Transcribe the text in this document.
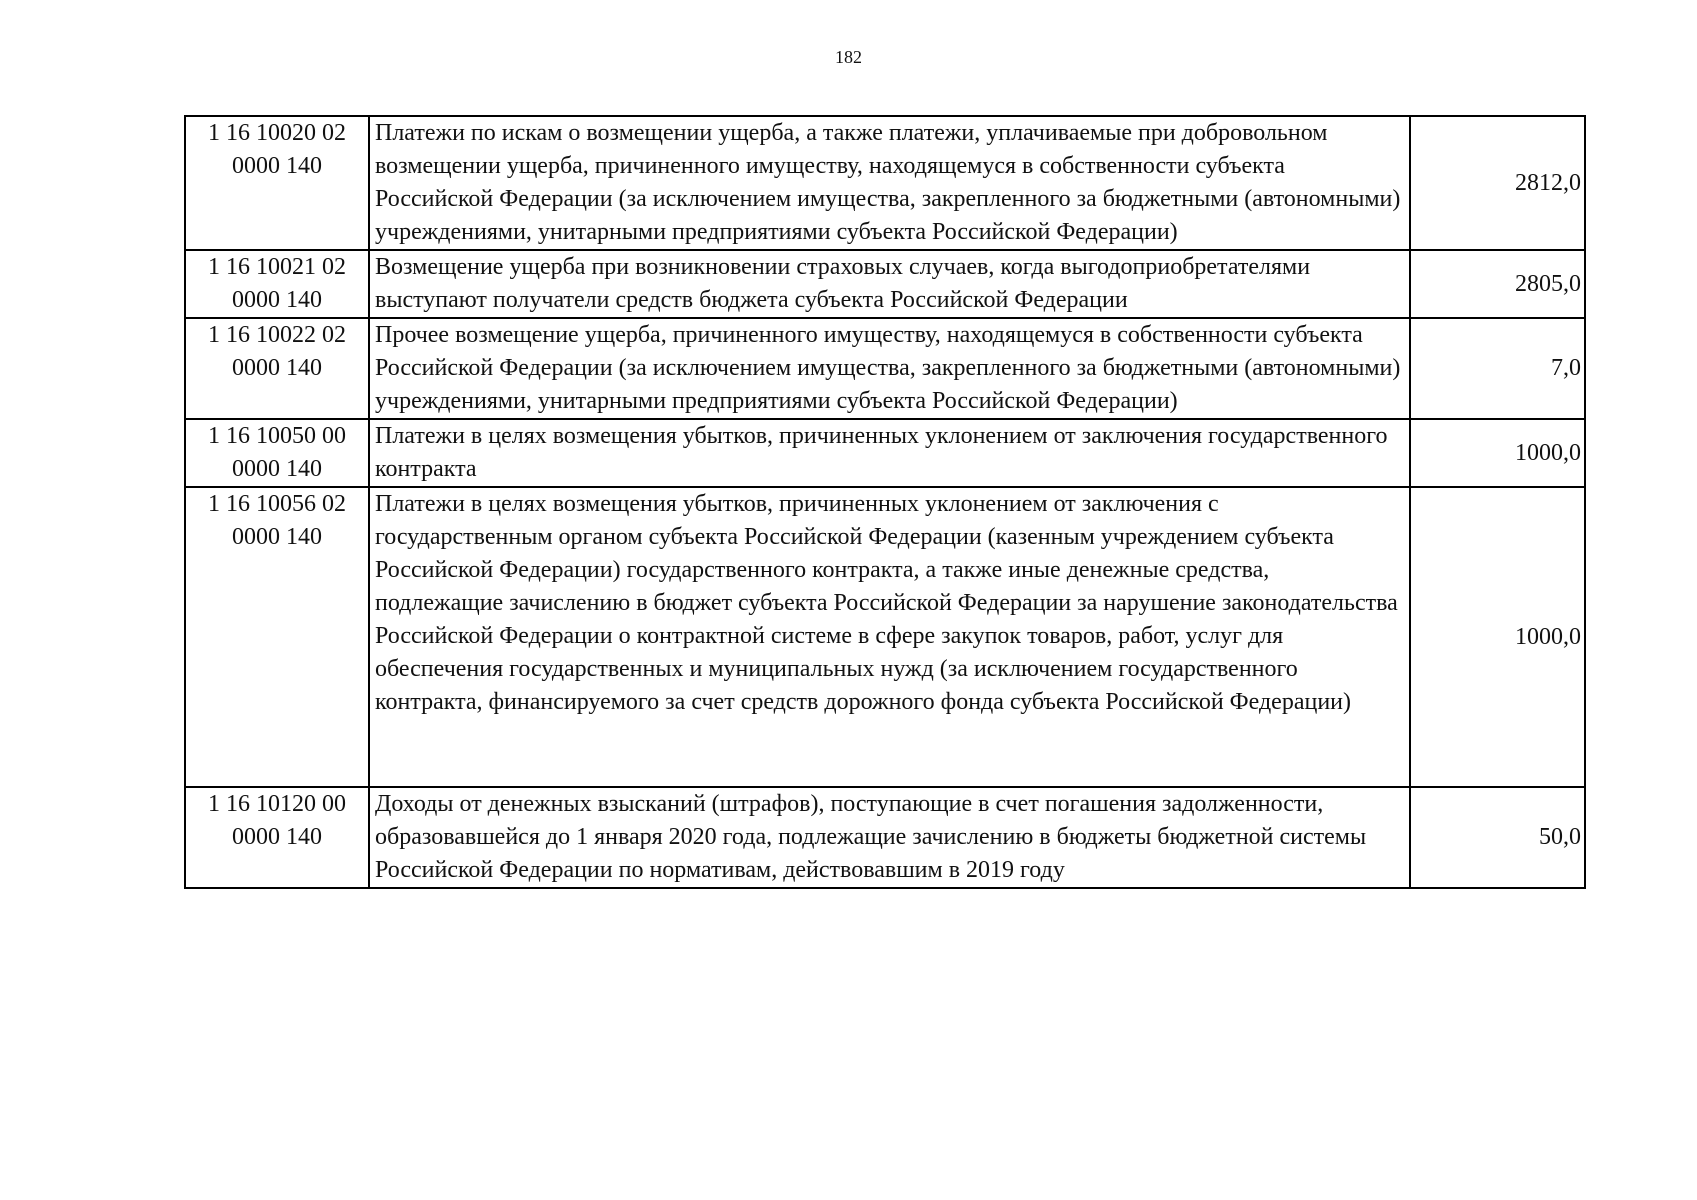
182
1 16 10020 02
0000 140	Платежи по искам о возмещении ущерба, а также платежи, уплачиваемые при добровольном возмещении ущерба, причиненного имуществу, находящемуся в собственности субъекта Российской Федерации (за исключением имущества, закрепленного за бюджетными (автономными) учреждениями, унитарными предприятиями субъекта Российской Федерации)	2812,0

1 16 10021 02
0000 140	Возмещение ущерба при возникновении страховых случаев, когда выгодоприобретателями выступают получатели средств бюджета субъекта Российской Федерации	2805,0

1 16 10022 02
0000 140	Прочее возмещение ущерба, причиненного имуществу, находящемуся в собственности субъекта Российской Федерации (за исключением имущества, закрепленного за бюджетными (автономными) учреждениями, унитарными предприятиями субъекта Российской Федерации)	7,0

1 16 10050 00
0000 140	Платежи в целях возмещения убытков, причиненных уклонением от заключения государственного контракта	1000,0

1 16 10056 02
0000 140	Платежи в целях возмещения убытков, причиненных уклонением от заключения с государственным органом субъекта Российской Федерации (казенным учреждением субъекта Российской Федерации) государственного контракта, а также иные денежные средства, подлежащие зачислению в бюджет субъекта Российской Федерации за нарушение законодательства Российской Федерации о контрактной системе в сфере закупок товаров, работ, услуг для обеспечения государственных и муниципальных нужд (за исключением государственного контракта, финансируемого за счет средств дорожного фонда субъекта Российской Федерации)	1000,0

1 16 10120 00
0000 140	Доходы от денежных взысканий (штрафов), поступающие в счет погашения задолженности, образовавшейся до 1 января 2020 года, подлежащие зачислению в бюджеты бюджетной системы Российской Федерации по нормативам, действовавшим в 2019 году	50,0
